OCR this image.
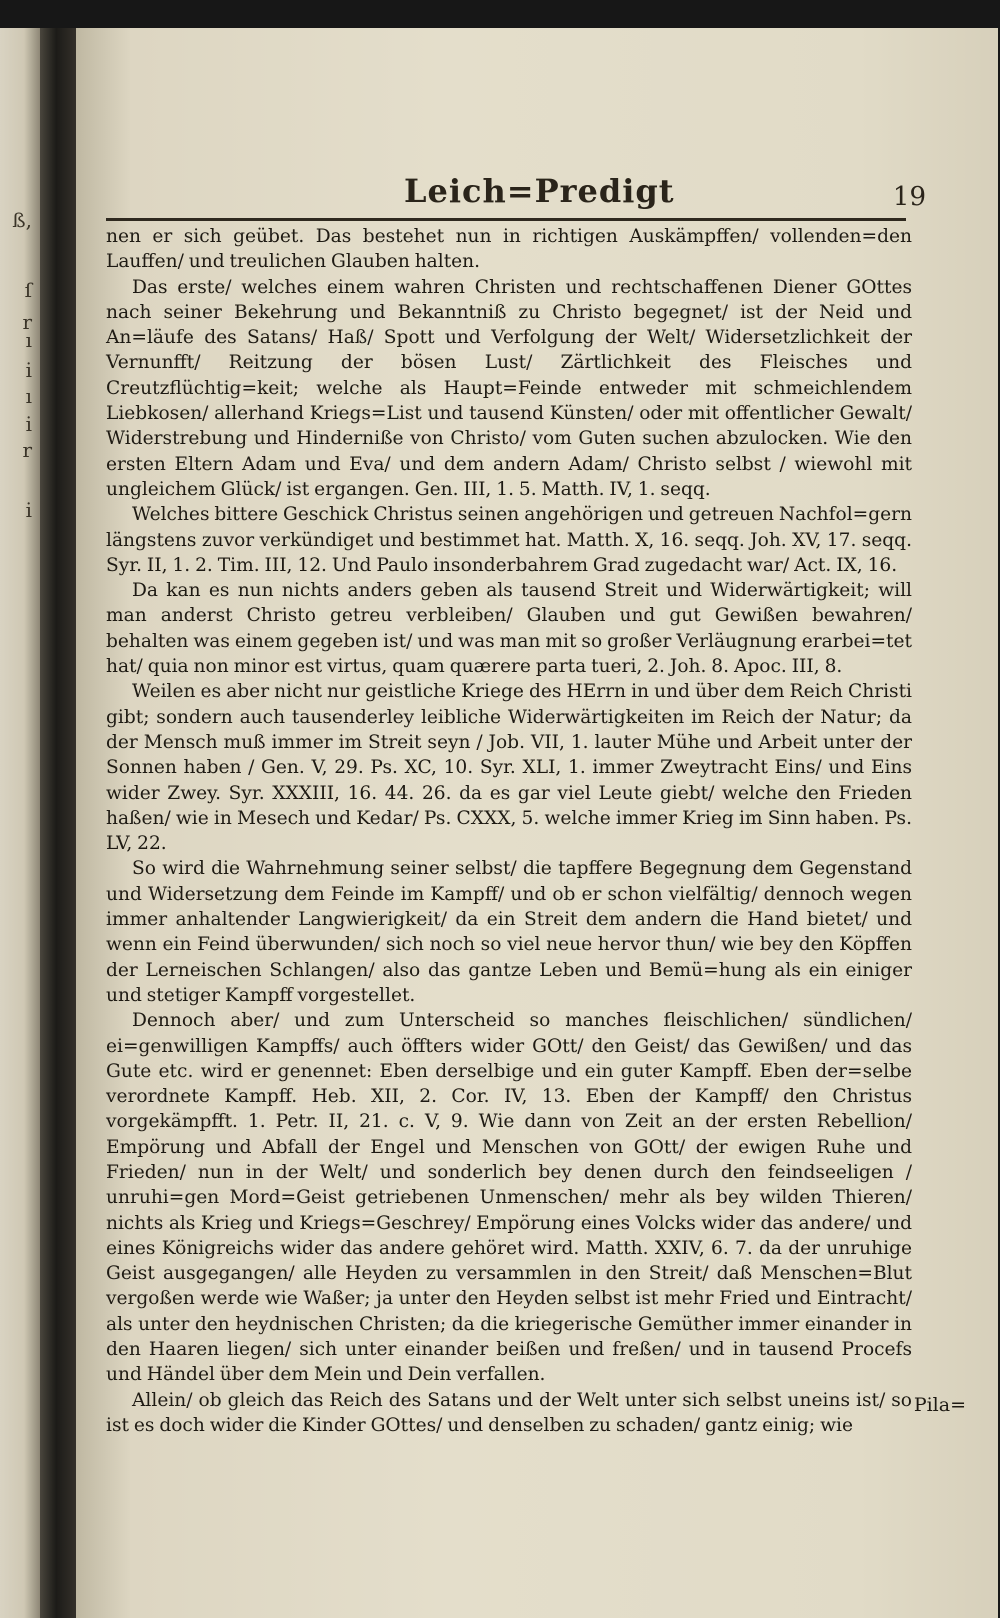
ß,
ſ
r
ı
i
ı
i
r
i
Leich=Predigt	19

nen er sich geübet. Das bestehet nun in richtigen Auskämpffen/ vollenden=den Lauffen/ und treulichen Glauben halten.

Das erste/ welches einem wahren Christen und rechtschaffenen Diener GOttes nach seiner Bekehrung und Bekanntniß zu Christo begegnet/ ist der Neid und An=läufe des Satans/ Haß/ Spott und Verfolgung der Welt/ Widersetzlichkeit der Vernunfft/ Reitzung der bösen Lust/ Zärtlichkeit des Fleisches und Creutzflüchtig=keit; welche als Haupt=Feinde entweder mit schmeichlendem Liebkosen/ allerhand Kriegs=List und tausend Künsten/ oder mit offentlicher Gewalt/ Widerstrebung und Hinderniße von Christo/ vom Guten suchen abzulocken. Wie den ersten Eltern Adam und Eva/ und dem andern Adam/ Christo selbst / wiewohl mit ungleichem Glück/ ist ergangen. Gen. III, 1. 5. Matth. IV, 1. seqq.

Welches bittere Geschick Christus seinen angehörigen und getreuen Nachfol=gern längstens zuvor verkündiget und bestimmet hat. Matth. X, 16. seqq. Joh. XV, 17. seqq. Syr. II, 1. 2. Tim. III, 12. Und Paulo insonderbahrem Grad zugedacht war/ Act. IX, 16.

Da kan es nun nichts anders geben als tausend Streit und Widerwärtigkeit; will man anderst Christo getreu verbleiben/ Glauben und gut Gewißen bewahren/ behalten was einem gegeben ist/ und was man mit so großer Verläugnung erarbei=tet hat/ quia non minor est virtus, quam quærere parta tueri, 2. Joh. 8. Apoc. III, 8.

Weilen es aber nicht nur geistliche Kriege des HErrn in und über dem Reich Christi gibt; sondern auch tausenderley leibliche Widerwärtigkeiten im Reich der Natur; da der Mensch muß immer im Streit seyn / Job. VII, 1. lauter Mühe und Arbeit unter der Sonnen haben / Gen. V, 29. Ps. XC, 10. Syr. XLI, 1. immer Zweytracht Eins/ und Eins wider Zwey. Syr. XXXIII, 16. 44. 26. da es gar viel Leute giebt/ welche den Frieden haßen/ wie in Mesech und Kedar/ Ps. CXXX, 5. welche immer Krieg im Sinn haben. Ps. LV, 22.

So wird die Wahrnehmung seiner selbst/ die tapffere Begegnung dem Gegenstand und Widersetzung dem Feinde im Kampff/ und ob er schon vielfältig/ dennoch wegen immer anhaltender Langwierigkeit/ da ein Streit dem andern die Hand bietet/ und wenn ein Feind überwunden/ sich noch so viel neue hervor thun/ wie bey den Köpffen der Lerneischen Schlangen/ also das gantze Leben und Bemü=hung als ein einiger und stetiger Kampff vorgestellet.

Dennoch aber/ und zum Unterscheid so manches fleischlichen/ sündlichen/ ei=genwilligen Kampffs/ auch öffters wider GOtt/ den Geist/ das Gewißen/ und das Gute etc. wird er genennet: Eben derselbige und ein guter Kampff. Eben der=selbe verordnete Kampff. Heb. XII, 2. Cor. IV, 13. Eben der Kampff/ den Christus vorgekämpfft. 1. Petr. II, 21. c. V, 9. Wie dann von Zeit an der ersten Rebellion/ Empörung und Abfall der Engel und Menschen von GOtt/ der ewigen Ruhe und Frieden/ nun in der Welt/ und sonderlich bey denen durch den feindseeligen / unruhi=gen Mord=Geist getriebenen Unmenschen/ mehr als bey wilden Thieren/ nichts als Krieg und Kriegs=Geschrey/ Empörung eines Volcks wider das andere/ und eines Königreichs wider das andere gehöret wird. Matth. XXIV, 6. 7. da der unruhige Geist ausgegangen/ alle Heyden zu versammlen in den Streit/ daß Menschen=Blut vergoßen werde wie Waßer; ja unter den Heyden selbst ist mehr Fried und Eintracht/ als unter den heydnischen Christen; da die kriegerische Gemüther immer einander in den Haaren liegen/ sich unter einander beißen und freßen/ und in tausend Procefs und Händel über dem Mein und Dein verfallen.

Allein/ ob gleich das Reich des Satans und der Welt unter sich selbst uneins ist/ so ist es doch wider die Kinder GOttes/ und denselben zu schaden/ gantz einig; wie

Pila=
